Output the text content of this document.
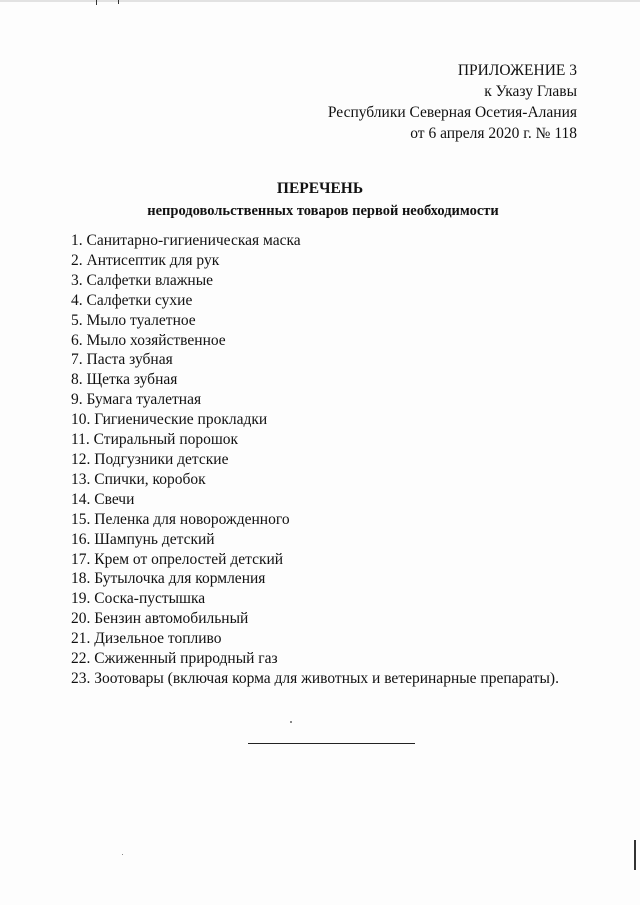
ПРИЛОЖЕНИЕ 3
к Указу Главы
Республики Северная Осетия-Алания
от 6 апреля 2020 г. № 118
ПЕРЕЧЕНЬ
непродовольственных товаров первой необходимости
1. Санитарно-гигиеническая маска
2. Антисептик для рук
3. Салфетки влажные
4. Салфетки сухие
5. Мыло туалетное
6. Мыло хозяйственное
7. Паста зубная
8. Щетка зубная
9. Бумага туалетная
10. Гигиенические прокладки
11. Стиральный порошок
12. Подгузники детские
13. Спички, коробок
14. Свечи
15. Пеленка для новорожденного
16. Шампунь детский
17. Крем от опрелостей детский
18. Бутылочка для кормления
19. Соска-пустышка
20. Бензин автомобильный
21. Дизельное топливо
22. Сжиженный природный газ
23. Зоотовары (включая корма для животных и ветеринарные препараты).
